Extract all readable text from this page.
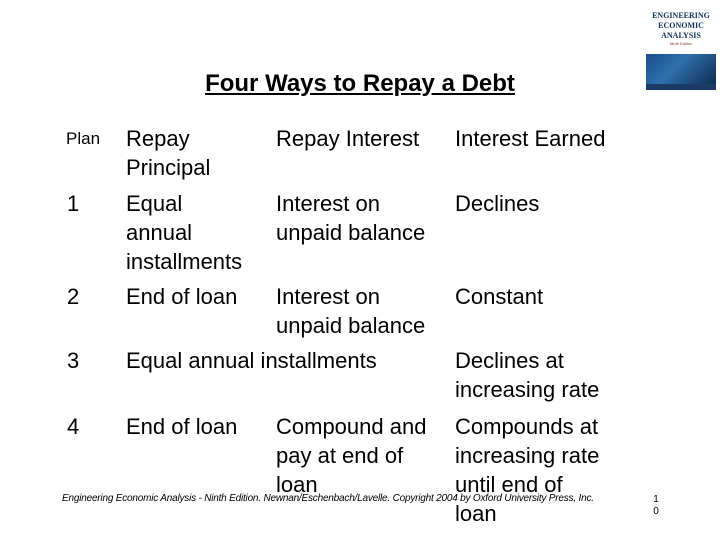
Four Ways to Repay a Debt
ENGINEERING
ECONOMIC
ANALYSIS
Ninth Edition
Plan Repay
Principal
Repay Interest Interest Earned
1 Equal
annual
installments
Interest on
unpaid balance
Declines
2 End of loan Interest on
unpaid balance
Constant
3 Equal annual installments	Declines at
increasing rate
4 End of loan Compound and
pay at end of
loan
Compounds at
increasing rate
until end of
loan
Engineering Economic Analysis - Ninth Edition. Newnan/Eschenbach/Lavelle. Copyright 2004 by Oxford University Press, Inc.	1
0
